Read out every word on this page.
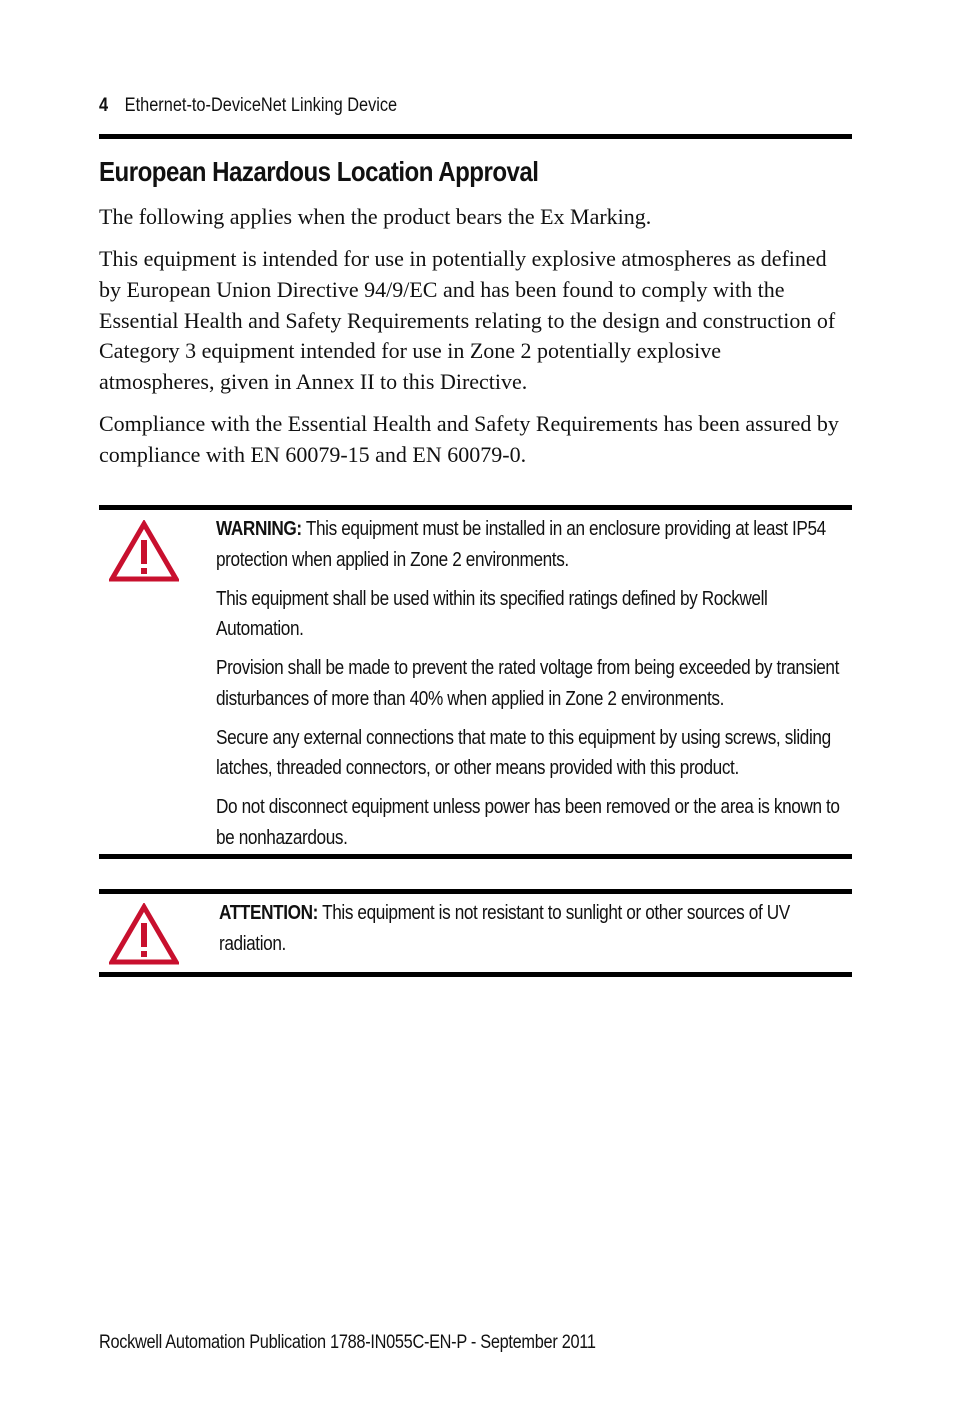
4 Ethernet-to-DeviceNet Linking Device
European Hazardous Location Approval

The following applies when the product bears the Ex Marking.

This equipment is intended for use in potentially explosive atmospheres as defined by European Union Directive 94/9/EC and has been found to comply with the Essential Health and Safety Requirements relating to the design and construction of Category 3 equipment intended for use in Zone 2 potentially explosive atmospheres, given in Annex II to this Directive.

Compliance with the Essential Health and Safety Requirements has been assured by compliance with EN 60079-15 and EN 60079-0.

WARNING: This equipment must be installed in an enclosure providing at least IP54 protection when applied in Zone 2 environments.

This equipment shall be used within its specified ratings defined by Rockwell Automation.

Provision shall be made to prevent the rated voltage from being exceeded by transient disturbances of more than 40% when applied in Zone 2 environments.

Secure any external connections that mate to this equipment by using screws, sliding latches, threaded connectors, or other means provided with this product.

Do not disconnect equipment unless power has been removed or the area is known to be nonhazardous.

ATTENTION: This equipment is not resistant to sunlight or other sources of UV radiation.

Rockwell Automation Publication 1788-IN055C-EN-P - September 2011
